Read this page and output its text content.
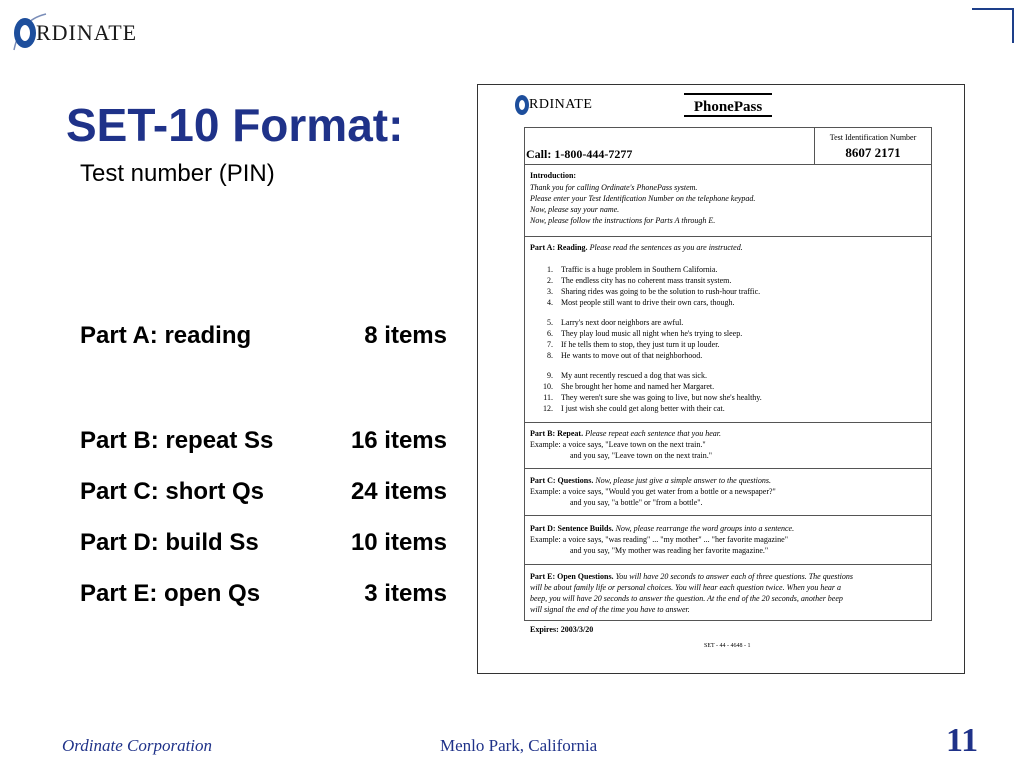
RDINATE
SET-10 Format:
Test number (PIN)
Part A: reading	8 items
Part B: repeat Ss	16 items
Part C: short Qs	24 items
Part D: build Ss	10 items
Part E: open Qs	3 items
RDINATE	PhonePass
Call: 1-800-444-7277
Test Identification Number
8607 2171
Introduction:
Thank you for calling Ordinate's PhonePass system.
Please enter your Test Identification Number on the telephone keypad.
Now, please say your name.
Now, please follow the instructions for Parts A through E.
Part A: Reading. Please read the sentences as you are instructed.
1. Traffic is a huge problem in Southern California.
2. The endless city has no coherent mass transit system.
3. Sharing rides was going to be the solution to rush-hour traffic.
4. Most people still want to drive their own cars, though.
5. Larry's next door neighbors are awful.
6. They play loud music all night when he's trying to sleep.
7. If he tells them to stop, they just turn it up louder.
8. He wants to move out of that neighborhood.
9. My aunt recently rescued a dog that was sick.
10. She brought her home and named her Margaret.
11. They weren't sure she was going to live, but now she's healthy.
12. I just wish she could get along better with their cat.
Part B: Repeat. Please repeat each sentence that you hear.
Example: a voice says, "Leave town on the next train."
and you say, "Leave town on the next train."
Part C: Questions. Now, please just give a simple answer to the questions.
Example: a voice says, "Would you get water from a bottle or a newspaper?"
and you say, "a bottle" or "from a bottle".
Part D: Sentence Builds. Now, please rearrange the word groups into a sentence.
Example: a voice says, "was reading" ... "my mother" ... "her favorite magazine"
and you say, "My mother was reading her favorite magazine."
Part E: Open Questions. You will have 20 seconds to answer each of three questions. The questions
will be about family life or personal choices. You will hear each question twice. When you hear a
beep, you will have 20 seconds to answer the question. At the end of the 20 seconds, another beep
will signal the end of the time you have to answer.
Expires: 2003/3/20
SET - 44 - 4648 - 1
Ordinate Corporation	Menlo Park, California	11
